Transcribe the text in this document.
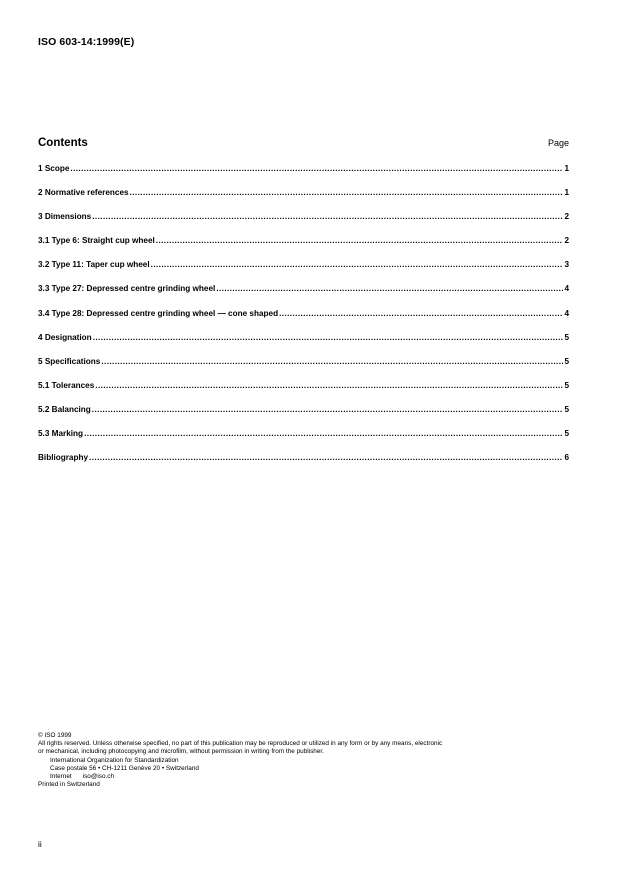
ISO 603-14:1999(E)
Contents	Page
1 Scope .....	1
2 Normative references .....	1
3 Dimensions .....	2
3.1 Type 6: Straight cup wheel .....	2
3.2 Type 11: Taper cup wheel .....	3
3.3 Type 27: Depressed centre grinding wheel .....	4
3.4 Type 28: Depressed centre grinding wheel — cone shaped .....	4
4 Designation .....	5
5 Specifications .....	5
5.1 Tolerances .....	5
5.2 Balancing .....	5
5.3 Marking .....	5
Bibliography .....	6
© ISO 1999
All rights reserved. Unless otherwise specified, no part of this publication may be reproduced or utilized in any form or by any means, electronic
or mechanical, including photocopying and microfilm, without permission in writing from the publisher.
International Organization for Standardization
Case postale 56 • CH-1211 Genève 20 • Switzerland
Internet iso@iso.ch
Printed in Switzerland
ii
